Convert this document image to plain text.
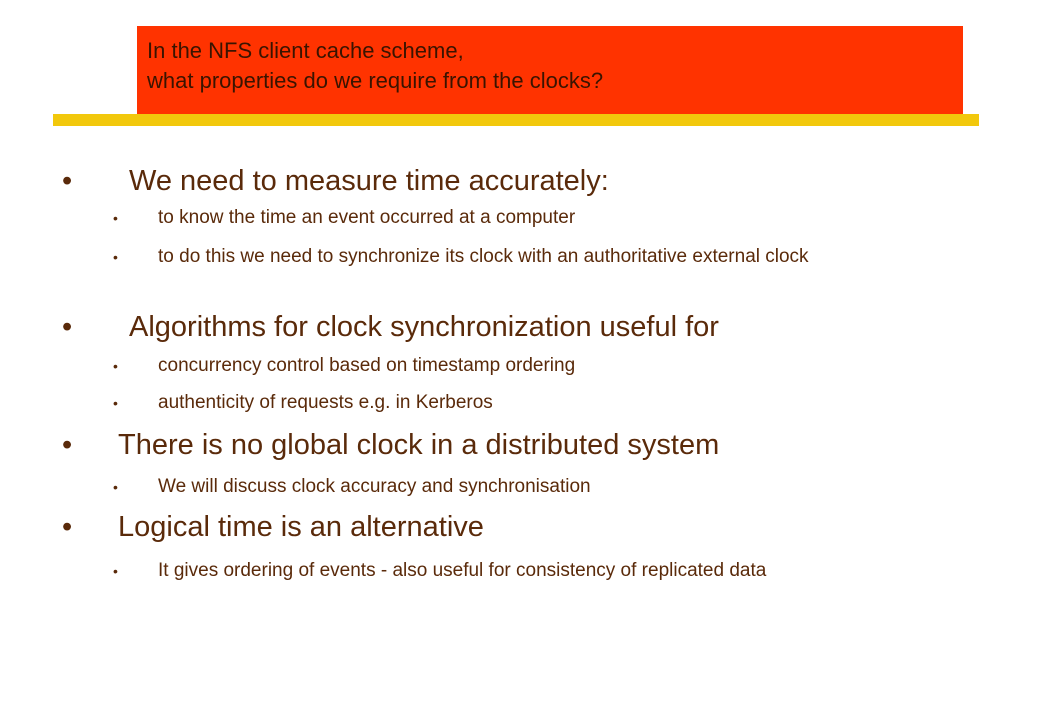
In the NFS client cache scheme,
what properties do we require from the clocks?
•	We need to measure time accurately:
• to know the time an event occurred at a computer
• to do this we need to synchronize its clock with an authoritative external clock
•	Algorithms for clock synchronization useful for
• concurrency control based on timestamp ordering
• authenticity of requests e.g. in Kerberos
•	There is no global clock in a distributed system
• We will discuss clock accuracy and synchronisation
•	Logical time is an alternative
• It gives ordering of events - also useful for consistency of replicated data
